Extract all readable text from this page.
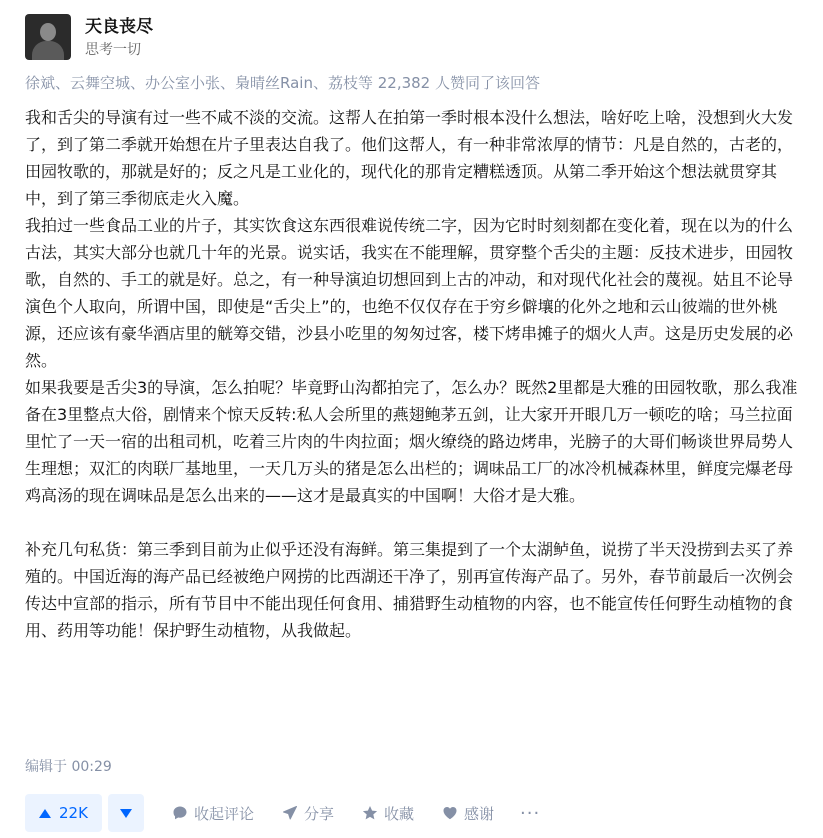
天良丧尽
思考一切
徐斌、云舞空城、办公室小张、梟晴丝Rain、荔枝等 22,382 人赞同了该回答

我和舌尖的导演有过一些不咸不淡的交流。这帮人在拍第一季时根本没什么想法，啥好吃上啥，没想到火大发了，到了第二季就开始想在片子里表达自我了。他们这帮人，有一种非常浓厚的情节：凡是自然的，古老的，田园牧歌的，那就是好的；反之凡是工业化的，现代化的那肯定糟糕透顶。从第二季开始这个想法就贯穿其中，到了第三季彻底走火入魔。

我拍过一些食品工业的片子，其实饮食这东西很难说传统二字，因为它时时刻刻都在变化着，现在以为的什么古法，其实大部分也就几十年的光景。说实话，我实在不能理解，贯穿整个舌尖的主题：反技术进步，田园牧歌，自然的、手工的就是好。总之，有一种导演迫切想回到上古的冲动，和对现代化社会的蔑视。姑且不论导演色个人取向，所谓中国，即使是“舌尖上”的，也绝不仅仅存在于穷乡僻壤的化外之地和云山彼端的世外桃源，还应该有豪华酒店里的觥筹交错，沙县小吃里的匆匆过客，楼下烤串摊子的烟火人声。这是历史发展的必然。

如果我要是舌尖3的导演，怎么拍呢？毕竟野山沟都拍完了，怎么办？既然2里都是大雅的田园牧歌，那么我准备在3里整点大俗，剧情来个惊天反转:私人会所里的燕翅鲍茅五剑，让大家开开眼几万一顿吃的啥；马兰拉面里忙了一天一宿的出租司机，吃着三片肉的牛肉拉面；烟火缭绕的路边烤串，光膀子的大哥们畅谈世界局势人生理想；双汇的肉联厂基地里，一天几万头的猪是怎么出栏的；调味品工厂的冰冷机械森林里，鲜度完爆老母鸡高汤的现在调味品是怎么出来的——这才是最真实的中国啊！大俗才是大雅。

补充几句私货：第三季到目前为止似乎还没有海鲜。第三集提到了一个太湖鲈鱼，说捞了半天没捞到去买了养殖的。中国近海的海产品已经被绝户网捞的比西湖还干净了，别再宣传海产品了。另外，春节前最后一次例会传达中宣部的指示，所有节目中不能出现任何食用、捕猎野生动植物的内容，也不能宣传任何野生动植物的食用、药用等功能！保护野生动植物，从我做起。

编辑于 00:29
22K	收起评论	分享	收藏	感谢 ···
